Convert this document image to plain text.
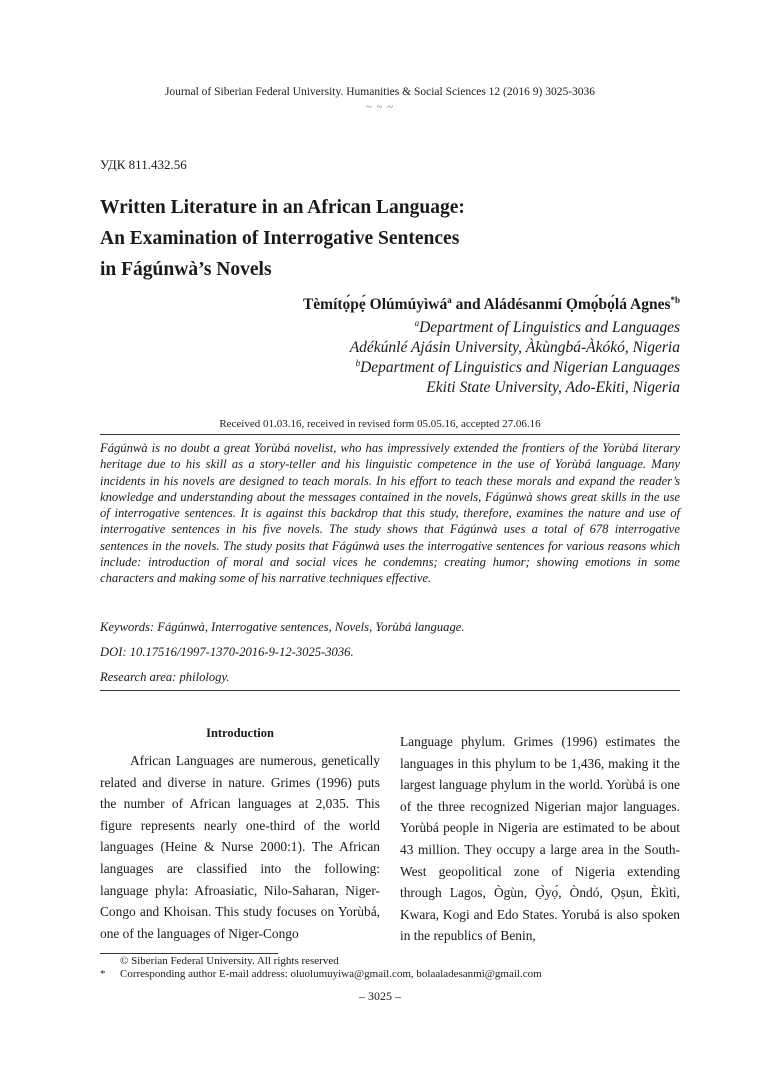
Journal of Siberian Federal University. Humanities & Social Sciences 12 (2016 9) 3025-3036
~ ~ ~
УДК 811.432.56
Written Literature in an African Language:
An Examination of Interrogative Sentences
in Fágúnwà’s Novels
Tèmítọ́pẹ́ Olúmúyìwá$^a$ and Aládésanmí Ọmọ́bọ́lá Agnes$^{*b}$
$^a$Department of Linguistics and Languages
Adékúnlé Ajásin University, Àkùngbá-Àkókó, Nigeria
$^b$Department of Linguistics and Nigerian Languages
Ekiti State University, Ado-Ekiti, Nigeria
Received 01.03.16, received in revised form 05.05.16, accepted 27.06.16

Fágúnwà is no doubt a great Yorùbá novelist, who has impressively extended the frontiers of the Yorùbá literary heritage due to his skill as a story-teller and his linguistic competence in the use of Yorùbá language. Many incidents in his novels are designed to teach morals. In his effort to teach these morals and expand the reader’s knowledge and understanding about the messages contained in the novels, Fágúnwà shows great skills in the use of interrogative sentences. It is against this backdrop that this study, therefore, examines the nature and use of interrogative sentences in his five novels. The study shows that Fágúnwà uses a total of 678 interrogative sentences in the novels. The study posits that Fágúnwà uses the interrogative sentences for various reasons which include: introduction of moral and social vices he condemns; creating humor; showing emotions in some characters and making some of his narrative techniques effective.

Keywords: Fágúnwà, Interrogative sentences, Novels, Yorùbá language.
DOI: 10.17516/1997-1370-2016-9-12-3025-3036.
Research area: philology.
Introduction

African Languages are numerous, genetically related and diverse in nature. Grimes (1996) puts the number of African languages at 2,035. This figure represents nearly one-third of the world languages (Heine & Nurse 2000:1). The African languages are classified into the following: language phyla: Afroasiatic, Nilo-Saharan, Niger-Congo and Khoisan. This study focuses on Yorùbá, one of the languages of Niger-Congo

Language phylum. Grimes (1996) estimates the languages in this phylum to be 1,436, making it the largest language phylum in the world. Yorùbá is one of the three recognized Nigerian major languages. Yorùbá people in Nigeria are estimated to be about 43 million. They occupy a large area in the South-West geopolitical zone of Nigeria extending through Lagos, Ògùn, Ọ̀yọ́, Òndó, Ọṣun, Èkìtì, Kwara, Kogi and Edo States. Yorubá is also spoken in the republics of Benin,

© Siberian Federal University. All rights reserved
* Corresponding author E-mail address: oluolumuyiwa@gmail.com, bolaaladesanmi@gmail.com
– 3025 –
